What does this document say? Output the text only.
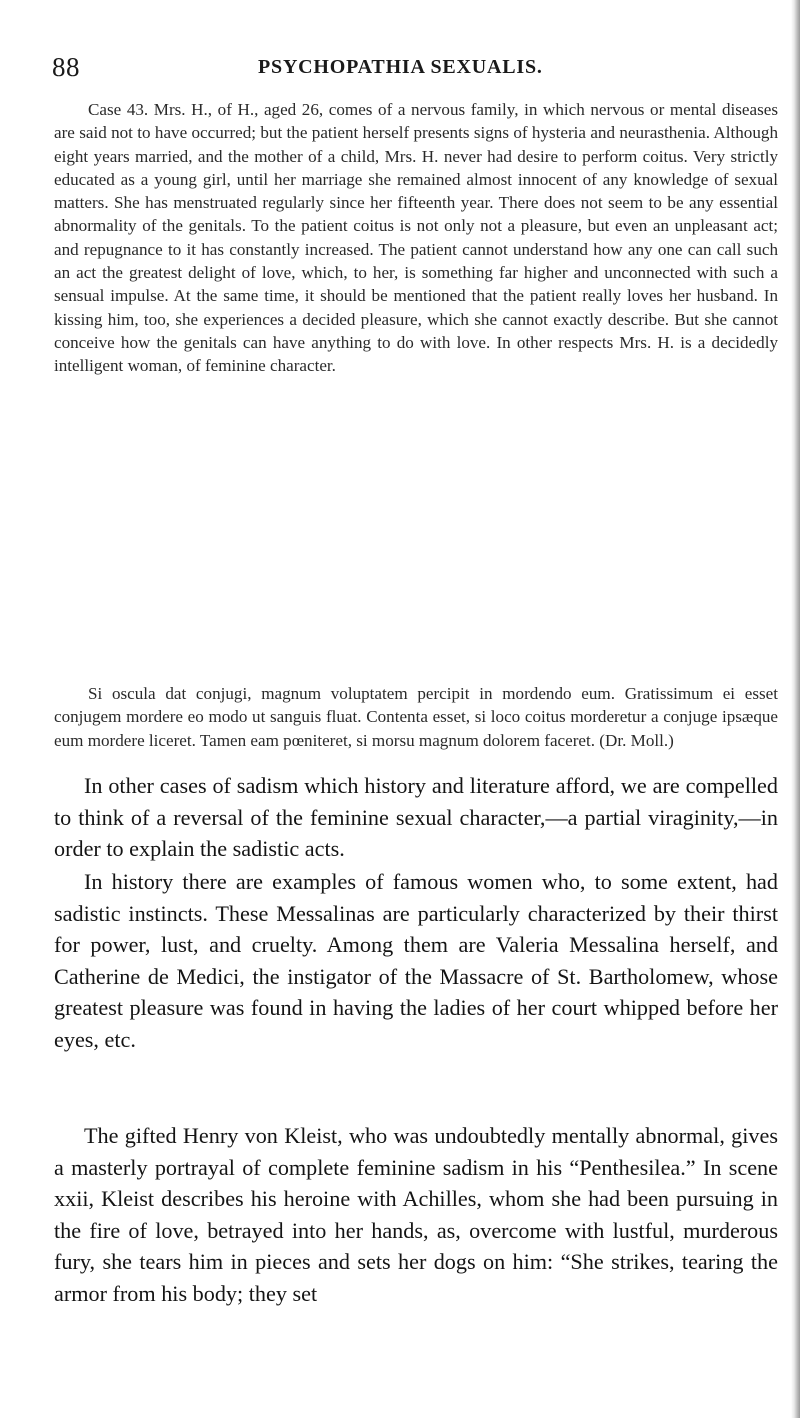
88	PSYCHOPATHIA SEXUALIS.

Case 43. Mrs. H., of H., aged 26, comes of a nervous family, in which nervous or mental diseases are said not to have occurred; but the patient herself presents signs of hysteria and neurasthenia. Although eight years married, and the mother of a child, Mrs. H. never had desire to perform coitus. Very strictly educated as a young girl, until her marriage she remained almost innocent of any knowledge of sexual matters. She has menstruated regularly since her fifteenth year. There does not seem to be any essential abnormality of the genitals. To the patient coitus is not only not a pleasure, but even an unpleasant act; and repugnance to it has constantly increased. The patient cannot understand how any one can call such an act the greatest delight of love, which, to her, is something far higher and unconnected with such a sensual impulse. At the same time, it should be mentioned that the patient really loves her husband. In kissing him, too, she experiences a decided pleasure, which she cannot exactly describe. But she cannot conceive how the genitals can have anything to do with love. In other respects Mrs. H. is a decidedly intelligent woman, of feminine character.

Si oscula dat conjugi, magnum voluptatem percipit in mordendo eum. Gratissimum ei esset conjugem mordere eo modo ut sanguis fluat. Contenta esset, si loco coitus morderetur a conjuge ipsæque eum mordere liceret. Tamen eam pœniteret, si morsu magnum dolorem faceret. (Dr. Moll.)

In other cases of sadism which history and literature afford, we are compelled to think of a reversal of the feminine sexual character,—a partial viraginity,—in order to explain the sadistic acts.

In history there are examples of famous women who, to some extent, had sadistic instincts. These Messalinas are particularly characterized by their thirst for power, lust, and cruelty. Among them are Valeria Messalina herself, and Catherine de Medici, the instigator of the Massacre of St. Bartholomew, whose greatest pleasure was found in having the ladies of her court whipped before her eyes, etc.

The gifted Henry von Kleist, who was undoubtedly mentally abnormal, gives a masterly portrayal of complete feminine sadism in his “Penthesilea.” In scene xxii, Kleist describes his heroine with Achilles, whom she had been pursuing in the fire of love, betrayed into her hands, as, overcome with lustful, murderous fury, she tears him in pieces and sets her dogs on him: “She strikes, tearing the armor from his body; they set
